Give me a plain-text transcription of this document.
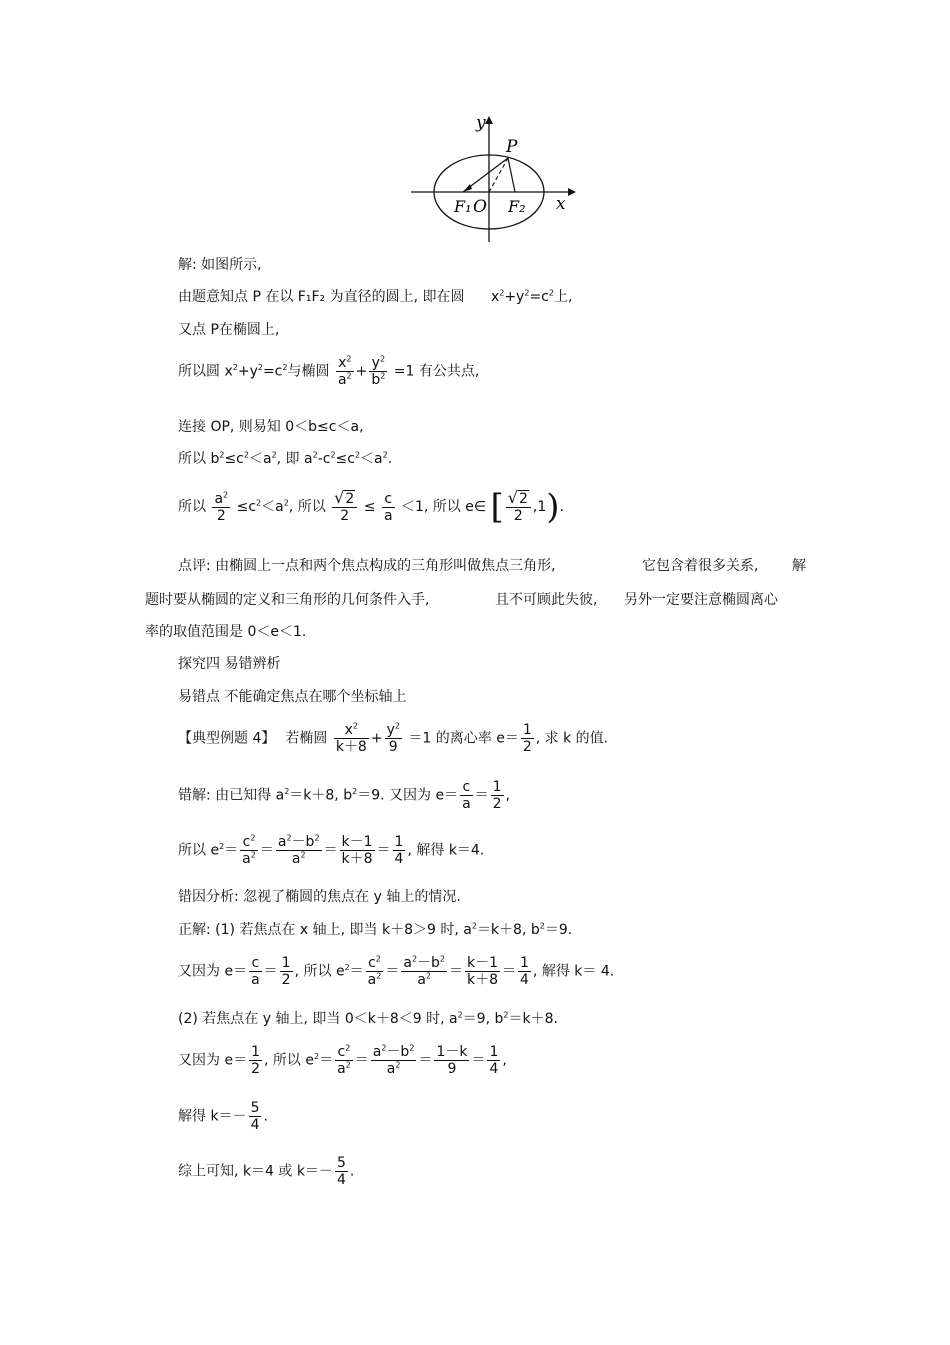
y
P
x
F₁ O F₂
解: 如图所示,
由题意知点 P 在以 F₁F₂ 为直径的圆上, 即在圆 $x^2+y^2=c^2$上,
又点 P在椭圆上,
所以圆 $x^2+y^2=c^2$与椭圆 $\frac{x^2}{a^2} + \frac{y^2}{b^2} =1$ 有公共点,
连接 OP, 则易知 0＜b≤c＜a,
所以 $b^2\le c^2<a^2$, 即 $a^2-c^2\le c^2<a^2$.
所以 $\frac{a^2}{2} \le c^2<a^2$, 所以 $\frac{√2}{2} \le \frac{c}{a} <1$, 所以 e∈ [ $\frac{√2}{2} ,1$).
点评: 由椭圆上一点和两个焦点构成的三角形叫做焦点三角形,	它包含着很多关系, 解
题时要从椭圆的定义和三角形的几何条件入手,	且不可顾此失彼, 另外一定要注意椭圆离心
率的取值范围是 0＜e＜1.
探究四 易错辨析
易错点 不能确定焦点在哪个坐标轴上
【典型例题 4】 若椭圆 $\frac{x^2}{k+8} + \frac{y^2}{9} =1$ 的离心率 $e= \frac{1}{2}$ , 求 k 的值.
错解: 由已知得 $a^2=k+8$, $b^2=9$. 又因为 $e= \frac{c}{a} = \frac{1}{2}$ ,
所以 $e^2= \frac{c^2}{a^2} = \frac{a^2-b^2}{a^2} = \frac{k-1}{k+8} = \frac{1}{4}$ , 解得 k＝4.
错因分析: 忽视了椭圆的焦点在 y 轴上的情况.
正解: (1) 若焦点在 x 轴上, 即当 k＋8＞9 时, $a^2=k+8$, $b^2=9$.
又因为 $e= \frac{c}{a} = \frac{1}{2}$ , 所以 $e^2= \frac{c^2}{a^2} = \frac{a^2-b^2}{a^2} = \frac{k-1}{k+8} = \frac{1}{4}$ , 解得 k＝ 4.
(2) 若焦点在 y 轴上, 即当 0＜k＋8＜9 时, $a^2=9$, $b^2=k+8$.
又因为 $e= \frac{1}{2}$ , 所以 $e^2= \frac{c^2}{a^2} = \frac{a^2-b^2}{a^2} = \frac{1-k}{9} = \frac{1}{4}$ ,
解得 $k=- \frac{5}{4}$ .
综上可知, k＝4 或 $k=- \frac{5}{4}$ .
